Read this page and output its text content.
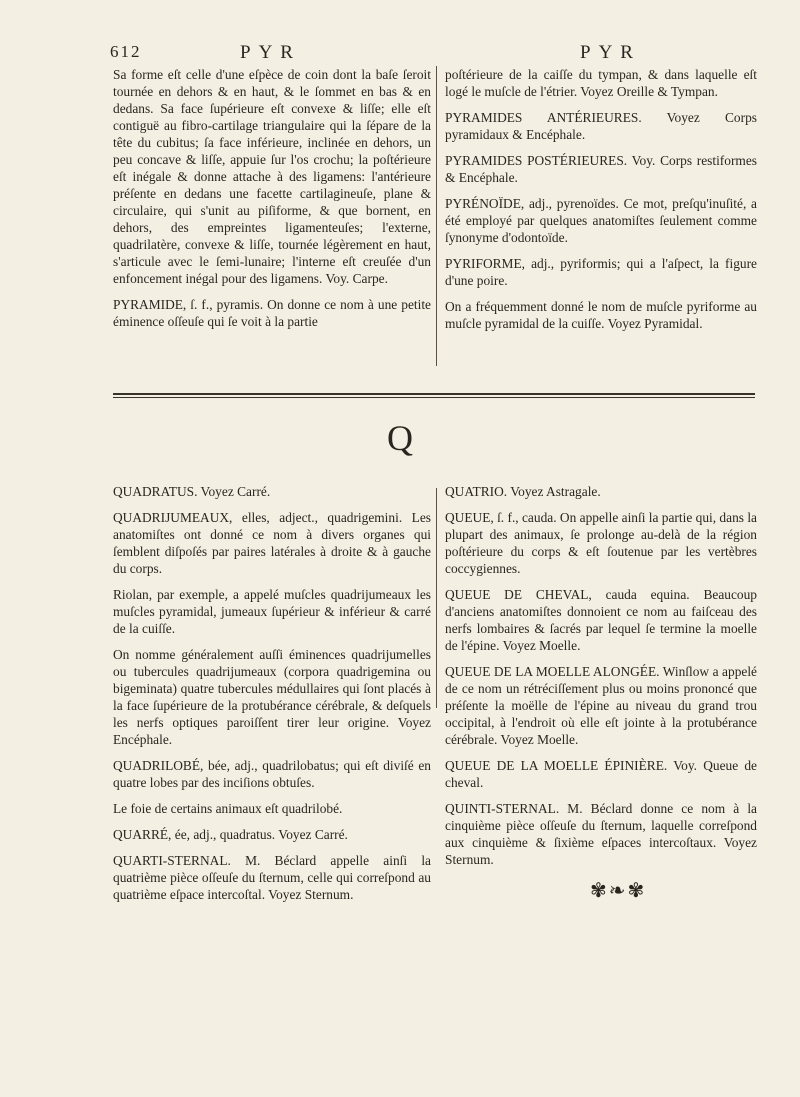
612	PYR	PYR

Sa forme eſt celle d'une eſpèce de coin dont la baſe ſeroit tournée en dehors & en haut, & le ſommet en bas & en dedans. Sa face ſupérieure eſt convexe & liſſe; elle eſt contiguë au fibro-cartilage triangulaire qui la ſépare de la tête du cubitus; ſa face inférieure, inclinée en dehors, un peu concave & liſſe, appuie ſur l'os crochu; la poſtérieure eſt inégale & donne attache à des ligamens: l'antérieure préſente en dedans une facette cartilagineuſe, plane & circulaire, qui s'unit au piſiforme, & que bornent, en dehors, des empreintes ligamenteuſes; l'externe, quadrilatère, convexe & liſſe, tournée légèrement en haut, s'articule avec le ſemi-lunaire; l'interne eſt creuſée d'un enfoncement inégal pour des ligamens. Voy. Carpe.

PYRAMIDE, ſ. f., pyramis. On donne ce nom à une petite éminence oſſeuſe qui ſe voit à la partie

poſtérieure de la caiſſe du tympan, & dans laquelle eſt logé le muſcle de l'étrier. Voyez Oreille & Tympan.

PYRAMIDES ANTÉRIEURES. Voyez Corps pyramidaux & Encéphale.

PYRAMIDES POSTÉRIEURES. Voy. Corps restiformes & Encéphale.

PYRÉNOÏDE, adj., pyrenoïdes. Ce mot, preſqu'inuſité, a été employé par quelques anatomiſtes ſeulement comme ſynonyme d'odontoïde.

PYRIFORME, adj., pyriformis; qui a l'aſpect, la figure d'une poire.

On a fréquemment donné le nom de muſcle pyriforme au muſcle pyramidal de la cuiſſe. Voyez Pyramidal.

Q

QUADRATUS. Voyez Carré.

QUADRIJUMEAUX, elles, adject., quadrigemini. Les anatomiſtes ont donné ce nom à divers organes qui ſemblent diſpoſés par paires latérales à droite & à gauche du corps.

Riolan, par exemple, a appelé muſcles quadrijumeaux les muſcles pyramidal, jumeaux ſupérieur & inférieur & carré de la cuiſſe.

On nomme généralement auſſi éminences quadrijumelles ou tubercules quadrijumeaux (corpora quadrigemina ou bigeminata) quatre tubercules médullaires qui ſont placés à la face ſupérieure de la protubérance cérébrale, & deſquels les nerfs optiques paroiſſent tirer leur origine. Voyez Encéphale.

QUADRILOBÉ, bée, adj., quadrilobatus; qui eſt diviſé en quatre lobes par des inciſions obtuſes.

Le foie de certains animaux eſt quadrilobé.

QUARRÉ, ée, adj., quadratus. Voyez Carré.

QUARTI-STERNAL. M. Béclard appelle ainſi la quatrième pièce oſſeuſe du ſternum, celle qui correſpond au quatrième eſpace intercoſtal. Voyez Sternum.

QUATRIO. Voyez Astragale.

QUEUE, ſ. f., cauda. On appelle ainſi la partie qui, dans la plupart des animaux, ſe prolonge au-delà de la région poſtérieure du corps & eſt ſoutenue par les vertèbres coccygiennes.

QUEUE DE CHEVAL, cauda equina. Beaucoup d'anciens anatomiſtes donnoient ce nom au faiſceau des nerfs lombaires & ſacrés par lequel ſe termine la moelle de l'épine. Voyez Moelle.

QUEUE DE LA MOELLE ALONGÉE. Winſlow a appelé de ce nom un rétréciſſement plus ou moins prononcé que préſente la moëlle de l'épine au niveau du grand trou occipital, à l'endroit où elle eſt jointe à la protubérance cérébrale. Voyez Moelle.

QUEUE DE LA MOELLE ÉPINIÈRE. Voy. Queue de cheval.

QUINTI-STERNAL. M. Béclard donne ce nom à la cinquième pièce oſſeuſe du ſternum, laquelle correſpond aux cinquième & ſixième eſpaces intercoſtaux. Voyez Sternum.

✾❧✾
